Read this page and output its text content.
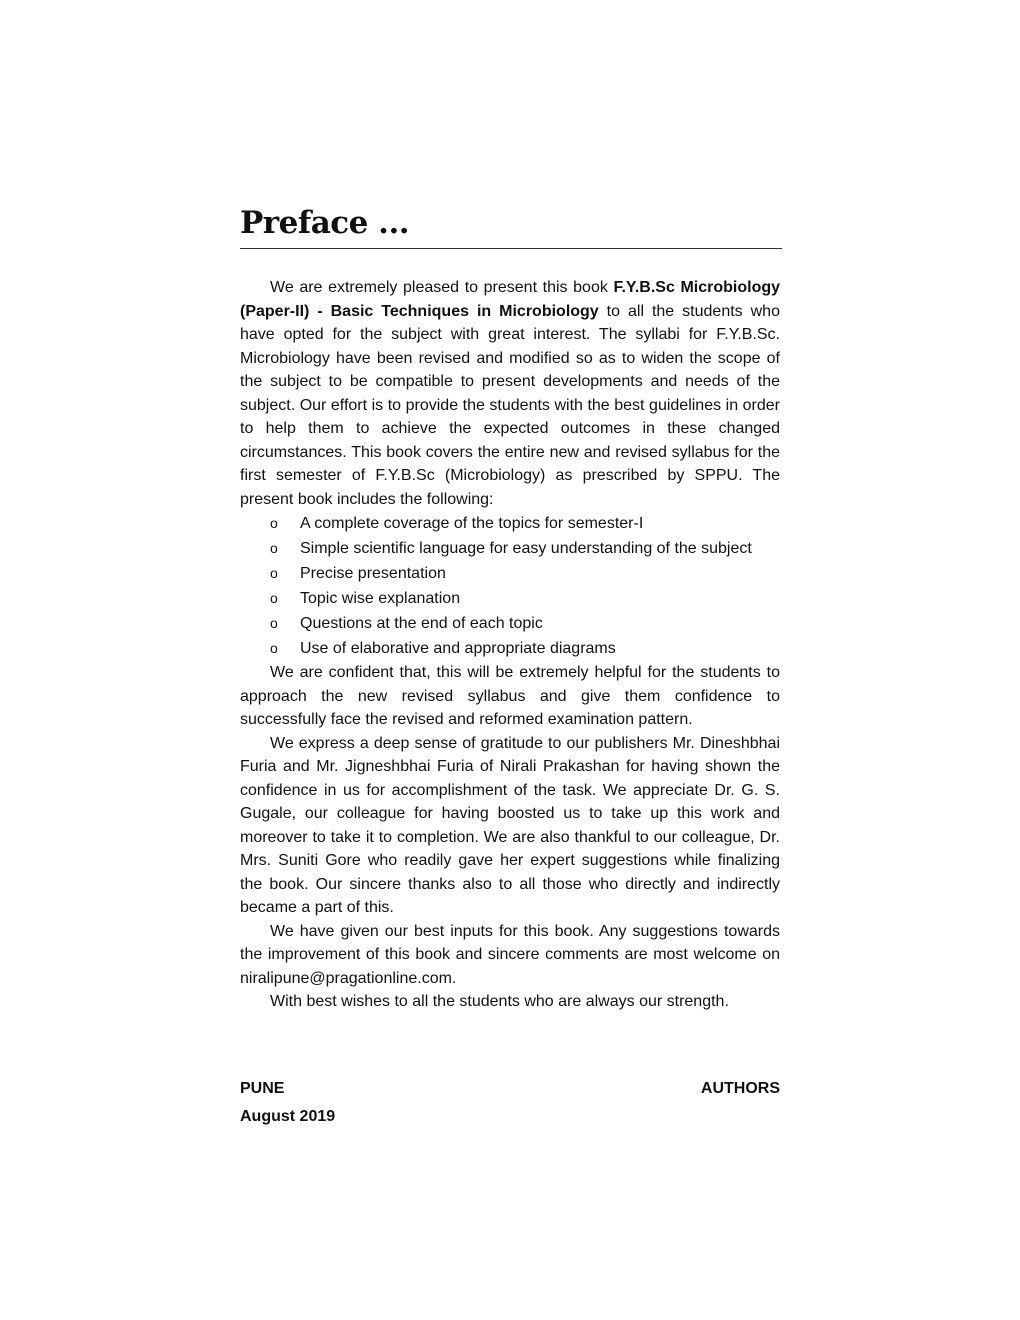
Preface ...

We are extremely pleased to present this book F.Y.B.Sc Microbiology (Paper-II) - Basic Techniques in Microbiology to all the students who have opted for the subject with great interest. The syllabi for F.Y.B.Sc. Microbiology have been revised and modified so as to widen the scope of the subject to be compatible to present developments and needs of the subject. Our effort is to provide the students with the best guidelines in order to help them to achieve the expected outcomes in these changed circumstances. This book covers the entire new and revised syllabus for the first semester of F.Y.B.Sc (Microbiology) as prescribed by SPPU. The present book includes the following:

o A complete coverage of the topics for semester-I
o Simple scientific language for easy understanding of the subject
o Precise presentation
o Topic wise explanation
o Questions at the end of each topic
o Use of elaborative and appropriate diagrams

We are confident that, this will be extremely helpful for the students to approach the new revised syllabus and give them confidence to successfully face the revised and reformed examination pattern.

We express a deep sense of gratitude to our publishers Mr. Dineshbhai Furia and Mr. Jigneshbhai Furia of Nirali Prakashan for having shown the confidence in us for accomplishment of the task. We appreciate Dr. G. S. Gugale, our colleague for having boosted us to take up this work and moreover to take it to completion. We are also thankful to our colleague, Dr. Mrs. Suniti Gore who readily gave her expert suggestions while finalizing the book. Our sincere thanks also to all those who directly and indirectly became a part of this.

We have given our best inputs for this book. Any suggestions towards the improvement of this book and sincere comments are most welcome on niralipune@pragationline.com.

With best wishes to all the students who are always our strength.

PUNE
August 2019
AUTHORS
